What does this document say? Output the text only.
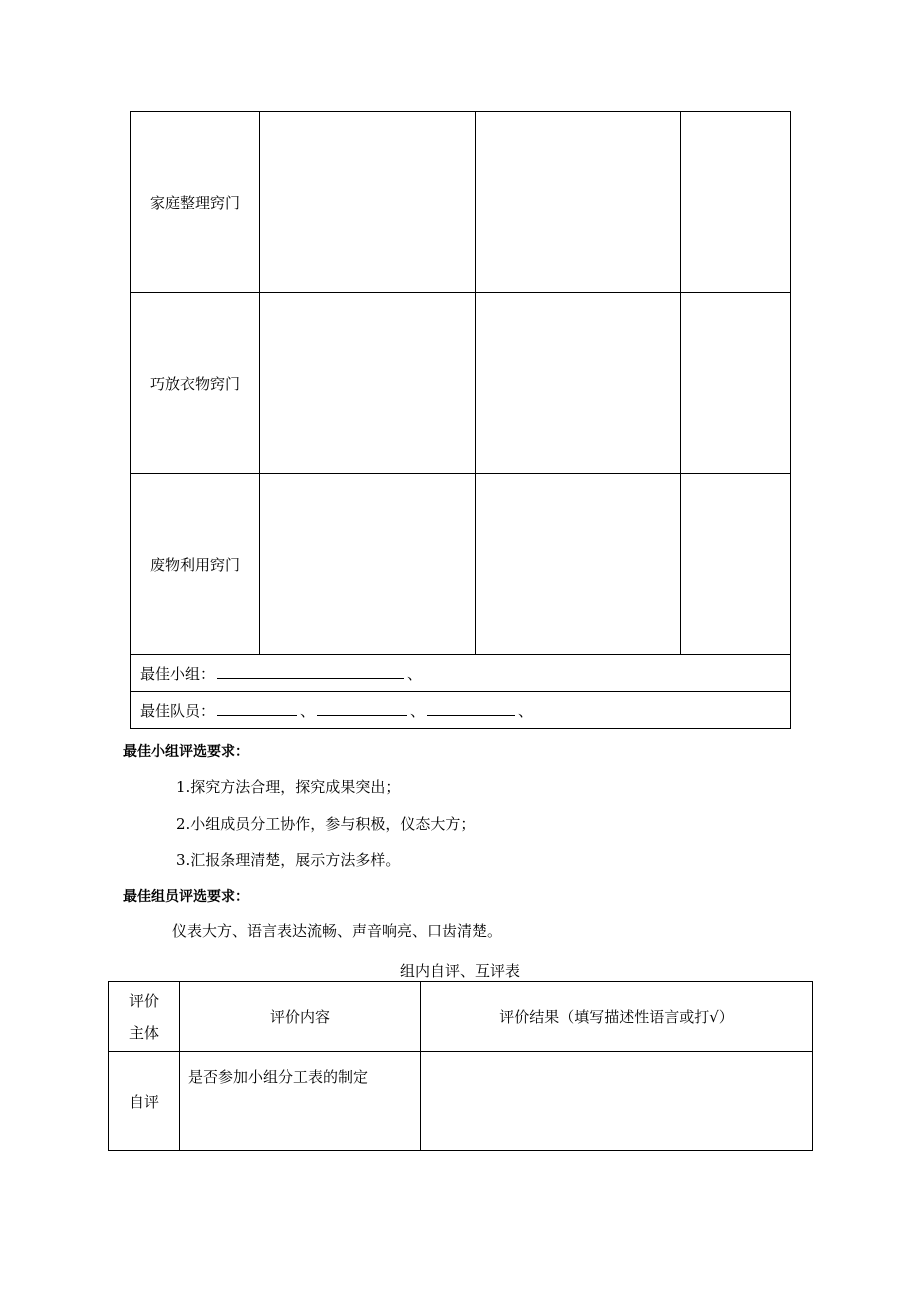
家庭整理窍门			
巧放衣物窍门			
废物利用窍门			
最佳小组： 、			
最佳队员： 、 、 、			
最佳小组评选要求：
1.探究方法合理，探究成果突出；
2.小组成员分工协作，参与积极，仪态大方；
3.汇报条理清楚，展示方法多样。
最佳组员评选要求：
仪表大方、语言表达流畅、声音响亮、口齿清楚。
组内自评、互评表
评价
主体	评价内容	评价结果（填写描述性语言或打√）
自评	是否参加小组分工表的制定	
